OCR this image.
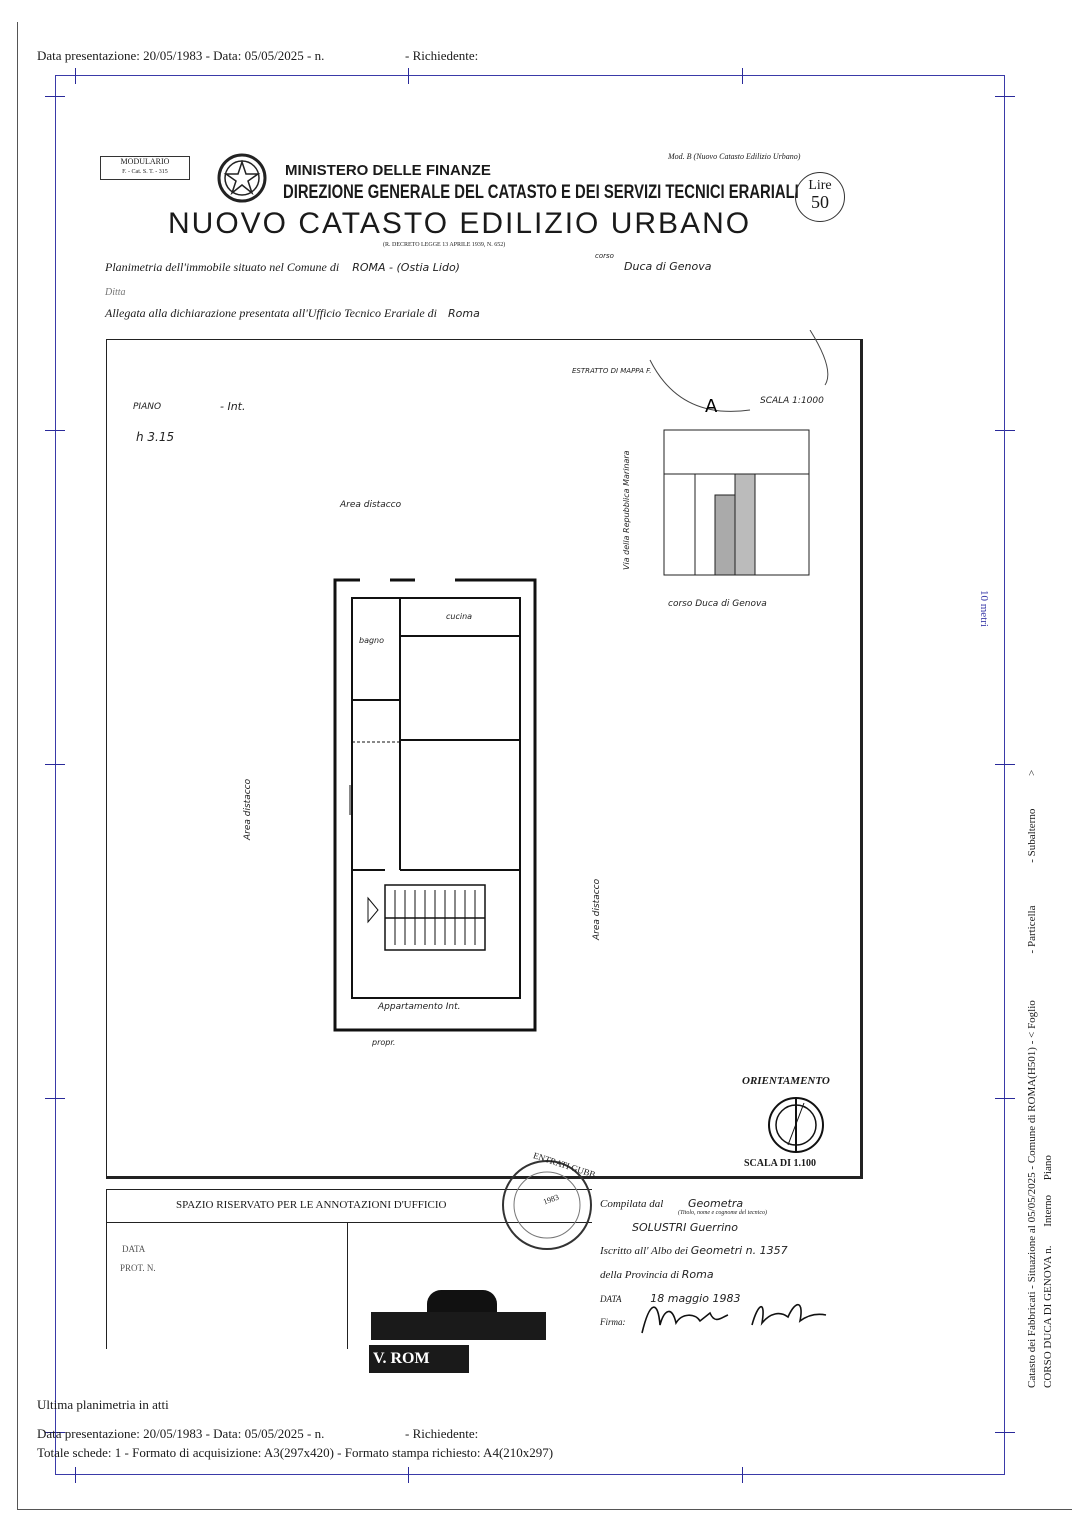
Data presentazione: 20/05/1983 - Data: 05/05/2025 - n.	- Richiedente:
10 metri
MODULARIO
F. - Cat. S. T. - 315	MINISTERO DELLE FINANZE
DIREZIONE GENERALE DEL CATASTO E DEI SERVIZI TECNICI ERARIALI
Mod. B (Nuovo Catasto Edilizio Urbano)
Lire
50
NUOVO CATASTO EDILIZIO URBANO
(R. DECRETO LEGGE 13 APRILE 1939, N. 652)
Planimetria dell'immobile situato nel Comune di ROMA - (Ostia Lido)
corso
Duca di Genova
Ditta
Allegata alla dichiarazione presentata all'Ufficio Tecnico Erariale di Roma
ESTRATTO DI MAPPA F.
SCALA 1:1000
PIANO	- Int.
h 3.15
Area distacco
Area distacco
Area distacco
Via della Repubblica Marinara
corso Duca di Genova
A
cucina
bagno
Appartamento Int.
propr.
ORIENTAMENTO
SCALA DI 1.100
SPAZIO RISERVATO PER LE ANNOTAZIONI D'UFFICIO
DATA
PROT. N.
ENTRATI GUBB
1983
V. ROM
Compilata dal Geometra
(Titolo, nome e cognome del tecnico)
SOLUSTRI Guerrino
Iscritto all' Albo dei Geometri n. 1357
della Provincia di Roma
DATA	18 maggio 1983
Firma:	Catasto dei Fabbricati - Situazione al 05/05/2025 - Comune di ROMA(H501) - < Foglio - Particella - Subalterno >
CORSO DUCA DI GENOVA n. Interno Piano
Ultima planimetria in atti
Data presentazione: 20/05/1983 - Data: 05/05/2025 - n.	- Richiedente:
Totale schede: 1 - Formato di acquisizione: A3(297x420) - Formato stampa richiesto: A4(210x297)
